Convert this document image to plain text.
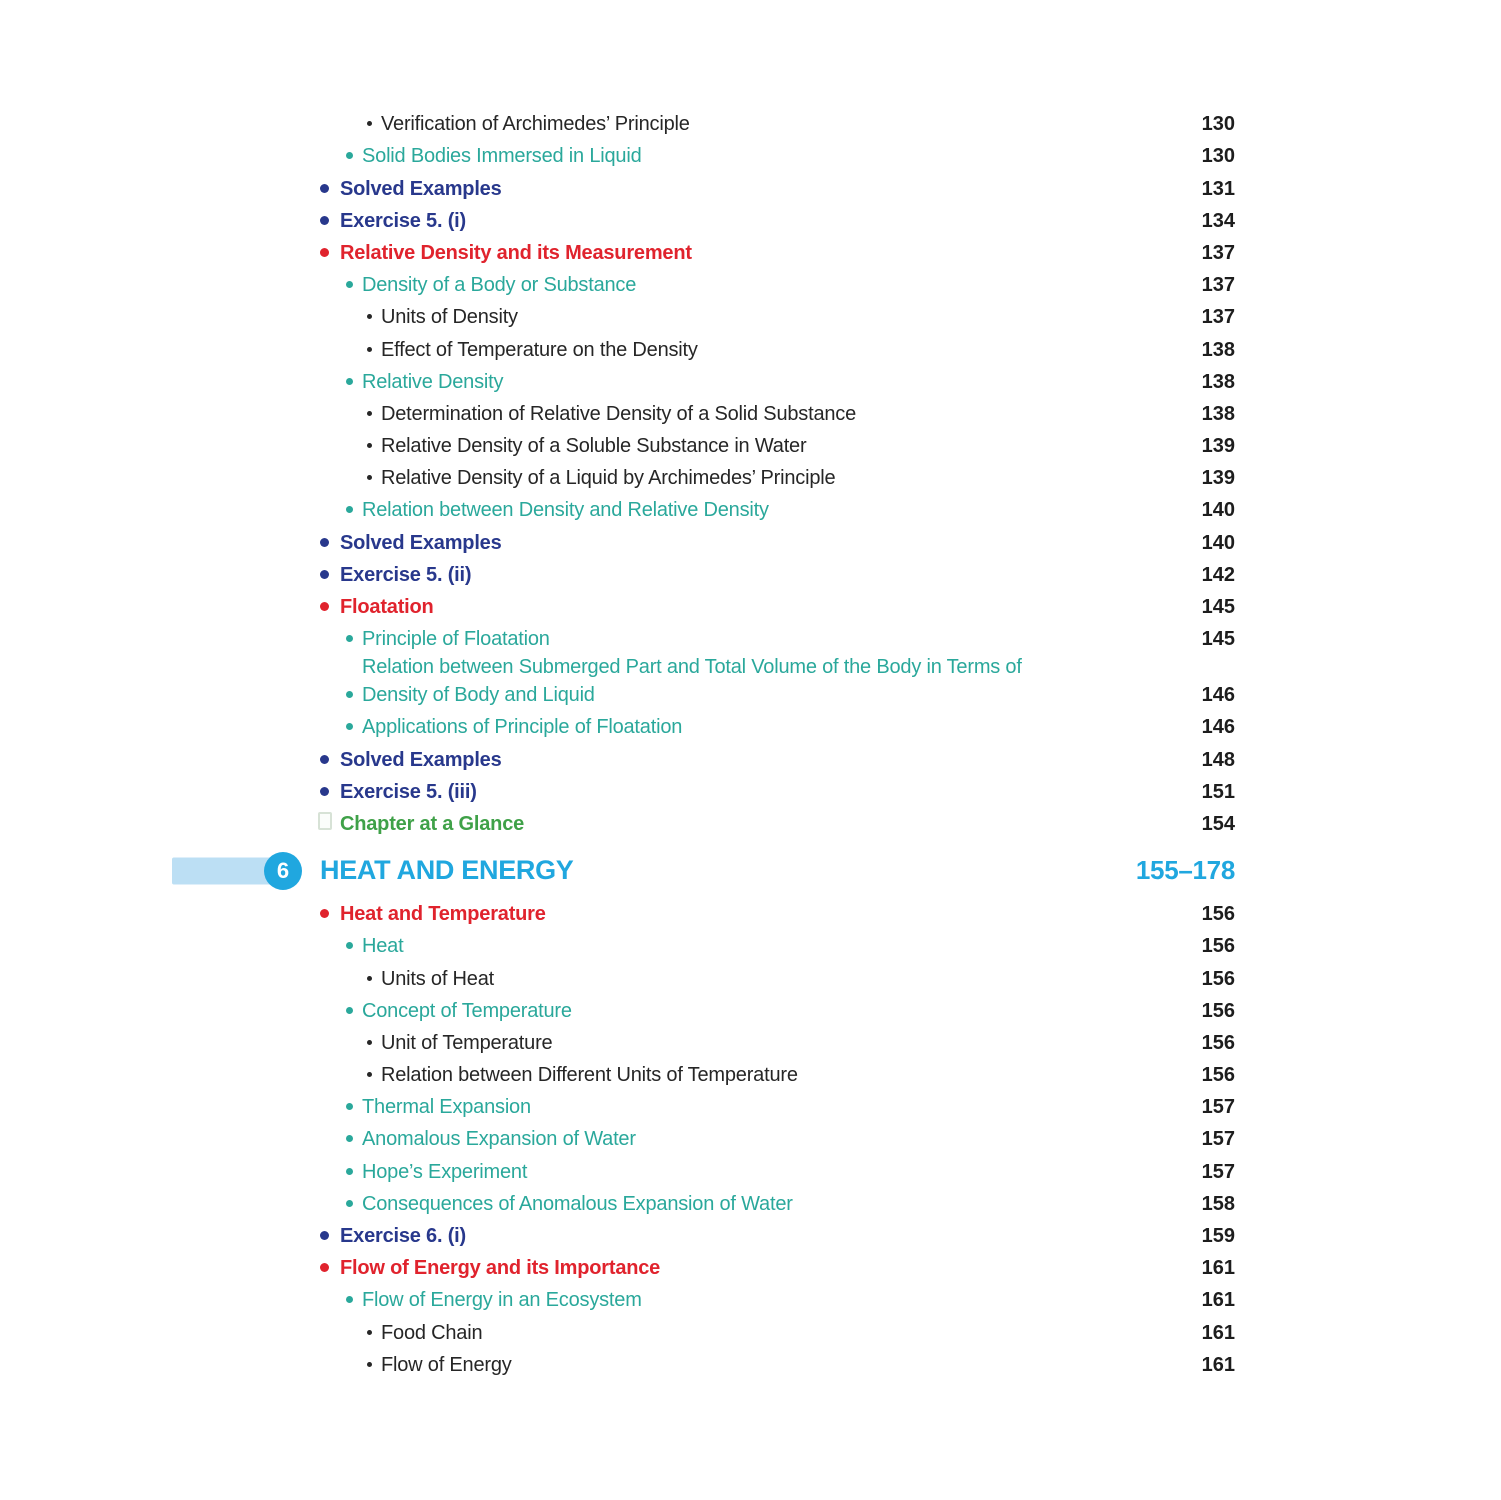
Verification of Archimedes’ Principle	130
Solid Bodies Immersed in Liquid	130
Solved Examples	131
Exercise 5. (i)	134
Relative Density and its Measurement	137
Density of a Body or Substance	137
Units of Density	137
Effect of Temperature on the Density	138
Relative Density	138
Determination of Relative Density of a Solid Substance	138
Relative Density of a Soluble Substance in Water	139
Relative Density of a Liquid by Archimedes’ Principle	139
Relation between Density and Relative Density	140
Solved Examples	140
Exercise 5. (ii)	142
Floatation	145
Principle of Floatation	145
Relation between Submerged Part and Total Volume of the Body in Terms of Density of Body and Liquid	146
Applications of Principle of Floatation	146
Solved Examples	148
Exercise 5. (iii)	151
Chapter at a Glance	154
6 HEAT AND ENERGY	155–178
Heat and Temperature	156
Heat	156
Units of Heat	156
Concept of Temperature	156
Unit of Temperature	156
Relation between Different Units of Temperature	156
Thermal Expansion	157
Anomalous Expansion of Water	157
Hope’s Experiment	157
Consequences of Anomalous Expansion of Water	158
Exercise 6. (i)	159
Flow of Energy and its Importance	161
Flow of Energy in an Ecosystem	161
Food Chain	161
Flow of Energy	161
